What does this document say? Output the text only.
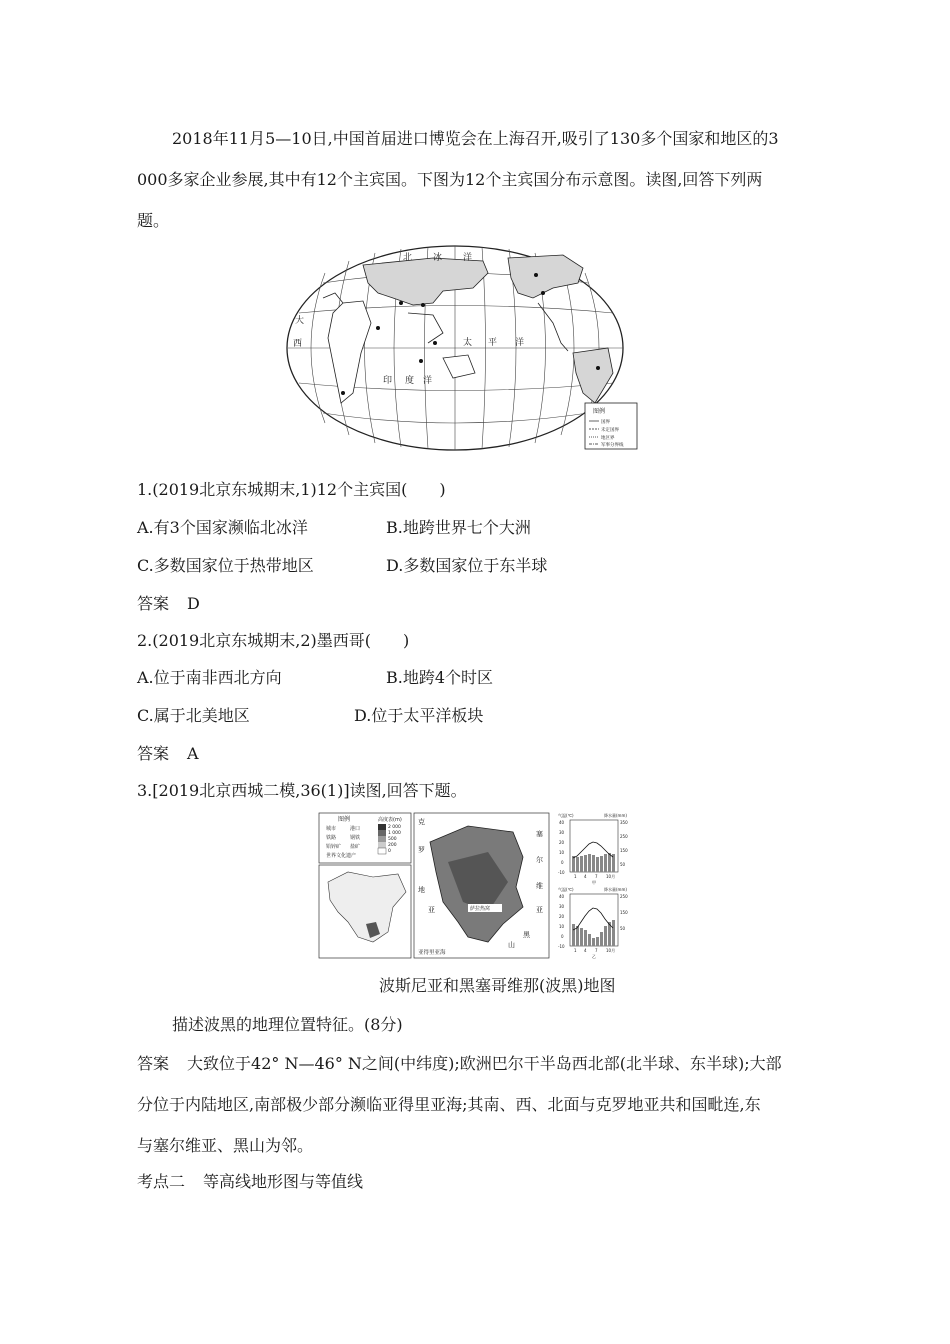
2018年11月5—10日,中国首届进口博览会在上海召开,吸引了130多个国家和地区的3
000多家企业参展,其中有12个主宾国。下图为12个主宾国分布示意图。读图,回答下列两
题。
大
西	太 平 洋
印 度 洋
北 冰 洋
图例
国界
未定国界
地区界
军事分界线
1.(2019北京东城期末,1)12个主宾国(　　)
A.有3个国家濒临北冰洋	B.地跨世界七个大洲
C.多数国家位于热带地区	D.多数国家位于东半球
答案 D
2.(2019北京东城期末,2)墨西哥(　　)
A.位于南非西北方向	B.地跨4个时区
C.属于北美地区	D.位于太平洋板块
答案 A
3.[2019北京西城二模,36(1)]读图,回答下题。
图例
城市	港口
铁路	钢铁
铅锌矿 盐矿
世界文化遗产
高度表(m)
2 000
1 000
500
200
0
克
罗
地
亚
塞
尔
维
亚
黑
山
亚得里亚海
萨拉热窝
气温(℃)	降水量(mm)
40
30
20
10
0
-10
350
250
150
50
1 4 7 10月
甲
气温(℃)	降水量(mm)
40
30
20
10
0
-10
250
150
50
1 4 7 10月
乙
波斯尼亚和黑塞哥维那(波黑)地图
描述波黑的地理位置特征。(8分)
答案 大致位于42° N—46° N之间(中纬度);欧洲巴尔干半岛西北部(北半球、东半球);大部
分位于内陆地区,南部极少部分濒临亚得里亚海;其南、西、北面与克罗地亚共和国毗连,东
与塞尔维亚、黑山为邻。
考点二 等高线地形图与等值线
